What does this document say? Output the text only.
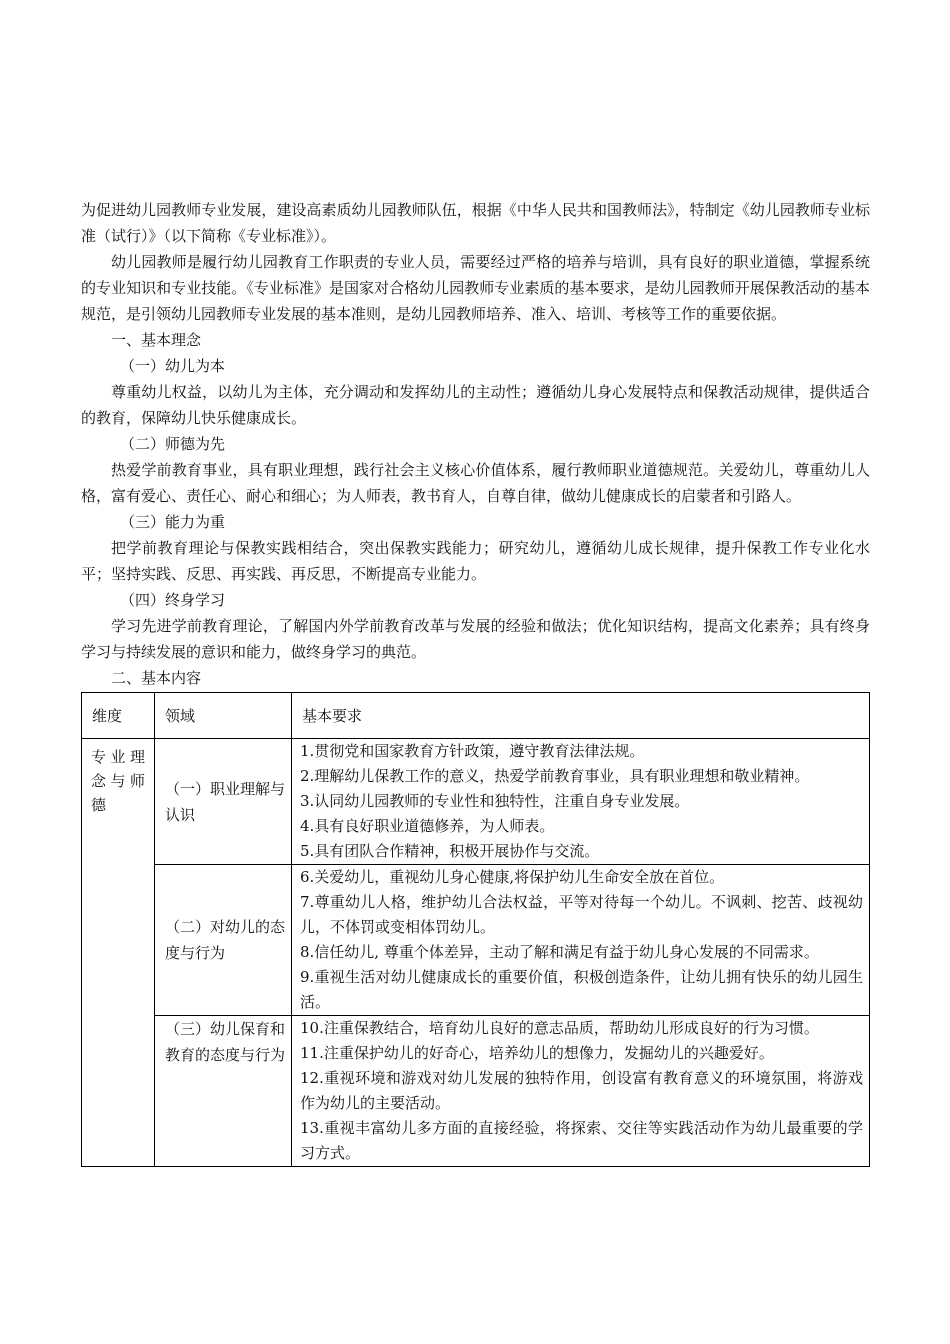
为促进幼儿园教师专业发展，建设高素质幼儿园教师队伍，根据《中华人民共和国教师法》，特制定《幼儿园教师专业标准（试行）》（以下简称《专业标准》）。

幼儿园教师是履行幼儿园教育工作职责的专业人员，需要经过严格的培养与培训，具有良好的职业道德，掌握系统的专业知识和专业技能。《专业标准》是国家对合格幼儿园教师专业素质的基本要求，是幼儿园教师开展保教活动的基本规范，是引领幼儿园教师专业发展的基本准则，是幼儿园教师培养、准入、培训、考核等工作的重要依据。

一、基本理念

（一）幼儿为本

尊重幼儿权益，以幼儿为主体，充分调动和发挥幼儿的主动性；遵循幼儿身心发展特点和保教活动规律，提供适合的教育，保障幼儿快乐健康成长。

（二）师德为先

热爱学前教育事业，具有职业理想，践行社会主义核心价值体系，履行教师职业道德规范。关爱幼儿，尊重幼儿人格，富有爱心、责任心、耐心和细心；为人师表，教书育人，自尊自律，做幼儿健康成长的启蒙者和引路人。

（三）能力为重

把学前教育理论与保教实践相结合，突出保教实践能力；研究幼儿，遵循幼儿成长规律，提升保教工作专业化水平；坚持实践、反思、再实践、再反思，不断提高专业能力。

（四）终身学习

学习先进学前教育理论，了解国内外学前教育改革与发展的经验和做法；优化知识结构，提高文化素养；具有终身学习与持续发展的意识和能力，做终身学习的典范。

二、基本内容

维度	领域	基本要求
专业理念与师德	（一）职业理解与认识	1.贯彻党和国家教育方针政策，遵守教育法律法规。
2.理解幼儿保教工作的意义，热爱学前教育事业，具有职业理想和敬业精神。
3.认同幼儿园教师的专业性和独特性，注重自身专业发展。
4.具有良好职业道德修养，为人师表。
5.具有团队合作精神，积极开展协作与交流。

	（二）对幼儿的态度与行为	6.关爱幼儿，重视幼儿身心健康,将保护幼儿生命安全放在首位。
7.尊重幼儿人格，维护幼儿合法权益，平等对待每一个幼儿。不讽刺、挖苦、歧视幼儿，不体罚或变相体罚幼儿。
8.信任幼儿, 尊重个体差异，主动了解和满足有益于幼儿身心发展的不同需求。
9.重视生活对幼儿健康成长的重要价值，积极创造条件，让幼儿拥有快乐的幼儿园生活。

	（三）幼儿保育和教育的态度与行为	10.注重保教结合，培育幼儿良好的意志品质，帮助幼儿形成良好的行为习惯。
11.注重保护幼儿的好奇心，培养幼儿的想像力，发掘幼儿的兴趣爱好。
12.重视环境和游戏对幼儿发展的独特作用，创设富有教育意义的环境氛围，将游戏作为幼儿的主要活动。
13.重视丰富幼儿多方面的直接经验，将探索、交往等实践活动作为幼儿最重要的学习方式。
